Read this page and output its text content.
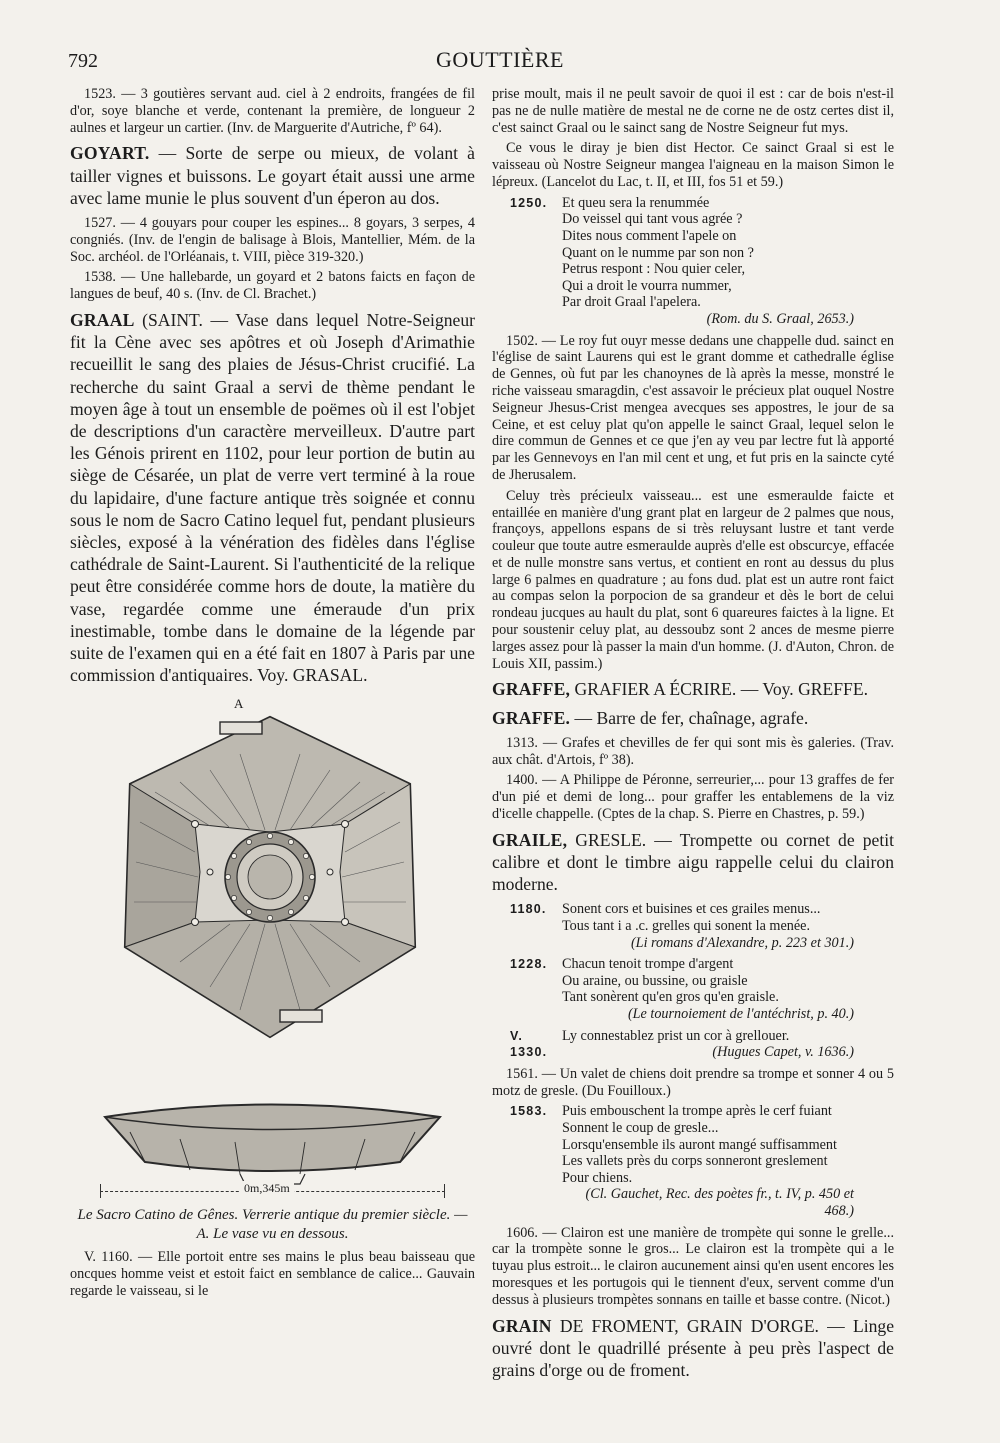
792	GOUTTIÈRE

1523. — 3 goutières servant aud. ciel à 2 endroits, frangées de fil d'or, soye blanche et verde, contenant la première, de longueur 2 aulnes et largeur un cartier. (Inv. de Marguerite d'Autriche, fº 64).

GOYART. — Sorte de serpe ou mieux, de volant à tailler vignes et buissons. Le goyart était aussi une arme avec lame munie le plus souvent d'un éperon au dos.

1527. — 4 gouyars pour couper les espines... 8 goyars, 3 serpes, 4 congniés. (Inv. de l'engin de balisage à Blois, Mantellier, Mém. de la Soc. archéol. de l'Orléanais, t. VIII, pièce 319-320.)

1538. — Une hallebarde, un goyard et 2 batons faicts en façon de langues de beuf, 40 s. (Inv. de Cl. Brachet.)

GRAAL (SAINT. — Vase dans lequel Notre-Seigneur fit la Cène avec ses apôtres et où Joseph d'Arimathie recueillit le sang des plaies de Jésus-Christ crucifié. La recherche du saint Graal a servi de thème pendant le moyen âge à tout un ensemble de poëmes où il est l'objet de descriptions d'un caractère merveilleux. D'autre part les Génois prirent en 1102, pour leur portion de butin au siège de Césarée, un plat de verre vert terminé à la roue du lapidaire, d'une facture antique très soignée et connu sous le nom de Sacro Catino lequel fut, pendant plusieurs siècles, exposé à la vénération des fidèles dans l'église cathédrale de Saint-Laurent. Si l'authenticité de la relique peut être considérée comme hors de doute, la matière du vase, regardée comme une émeraude d'un prix inestimable, tombe dans le domaine de la légende par suite de l'examen qui en a été fait en 1807 à Paris par une commission d'antiquaires. Voy. GRASAL.

A
0m,345m
Le Sacro Catino de Gênes. Verrerie antique du premier siècle. — A. Le vase vu en dessous.

V. 1160. — Elle portoit entre ses mains le plus beau baisseau que oncques homme veist et estoit faict en semblance de calice... Gauvain regarde le vaisseau, si le

prise moult, mais il ne peult savoir de quoi il est : car de bois n'est-il pas ne de nulle matière de mestal ne de corne ne de ostz certes dist il, c'est sainct Graal ou le sainct sang de Nostre Seigneur fut mys.

Ce vous le diray je bien dist Hector. Ce sainct Graal si est le vaisseau où Nostre Seigneur mangea l'aigneau en la maison Simon le lépreux. (Lancelot du Lac, t. II, et III, fos 51 et 59.)

1250.	Et queu sera la renummée
Do veissel qui tant vous agrée ?
Dites nous comment l'apele on
Quant on le numme par son non ?
Petrus respont : Nou quier celer,
Qui a droit le vourra nummer,
Par droit Graal l'apelera.
(Rom. du S. Graal, 2653.)

1502. — Le roy fut ouyr messe dedans une chappelle dud. sainct en l'église de saint Laurens qui est le grant domme et cathedralle église de Gennes, où fut par les chanoynes de là après la messe, monstré le riche vaisseau smaragdin, c'est assavoir le précieux plat ouquel Nostre Seigneur Jhesus-Crist mengea avecques ses appostres, le jour de sa Ceine, et est celuy plat qu'on appelle le sainct Graal, lequel selon le dire commun de Gennes et ce que j'en ay veu par lectre fut là apporté par les Gennevoys en l'an mil cent et ung, et fut pris en la saincte cyté de Jherusalem.

Celuy très précieulx vaisseau... est une esmeraulde faicte et entaillée en manière d'ung grant plat en largeur de 2 palmes que nous, françoys, appellons espans de si très reluysant lustre et tant verde couleur que toute autre esmeraulde auprès d'elle est obscurcye, effacée et de nulle monstre sans vertus, et contient en ront au dessus du plus large 6 palmes en quadrature ; au fons dud. plat est un autre ront faict au compas selon la porpocion de sa grandeur et dès le bort de celui rondeau jucques au hault du plat, sont 6 quareures faictes à la ligne. Et pour soustenir celuy plat, au dessoubz sont 2 ances de mesme pierre larges assez pour là passer la main d'un homme. (J. d'Auton, Chron. de Louis XII, passim.)

GRAFFE, GRAFIER A ÉCRIRE. — Voy. GREFFE.

GRAFFE. — Barre de fer, chaînage, agrafe.

1313. — Grafes et chevilles de fer qui sont mis ès galeries. (Trav. aux chât. d'Artois, fº 38).

1400. — A Philippe de Péronne, serreurier,... pour 13 graffes de fer d'un pié et demi de long... pour graffer les entablemens de la viz d'icelle chappelle. (Cptes de la chap. S. Pierre en Chastres, p. 59.)

GRAILE, GRESLE. — Trompette ou cornet de petit calibre et dont le timbre aigu rappelle celui du clairon moderne.

1180.	Sonent cors et buisines et ces grailes menus...
Tous tant i a .c. grelles qui sonent la menée.
(Li romans d'Alexandre, p. 223 et 301.)
1228.	Chacun tenoit trompe d'argent
Ou araine, ou bussine, ou graisle
Tant sonèrent qu'en gros qu'en graisle.
(Le tournoiement de l'antéchrist, p. 40.)
V. 1330.
Ly connestablez prist un cor à grellouer.
(Hugues Capet, v. 1636.)

1561. — Un valet de chiens doit prendre sa trompe et sonner 4 ou 5 motz de gresle. (Du Fouilloux.)

1583.	Puis embouschent la trompe après le cerf fuiant
Sonnent le coup de gresle...
Lorsqu'ensemble ils auront mangé suffisamment
Les vallets près du corps sonneront greslement
Pour chiens.
(Cl. Gauchet, Rec. des poètes fr., t. IV, p. 450 et 468.)

1606. — Clairon est une manière de trompète qui sonne le grelle... car la trompète sonne le gros... Le clairon est la trompète qui a le tuyau plus estroit... le clairon aucunement ainsi qu'en usent encores les moresques et les portugois qui le tiennent d'eux, servent comme d'un dessus à plusieurs trompètes sonnans en taille et basse contre. (Nicot.)

GRAIN DE FROMENT, GRAIN D'ORGE. — Linge ouvré dont le quadrillé présente à peu près l'aspect de grains d'orge ou de froment.
